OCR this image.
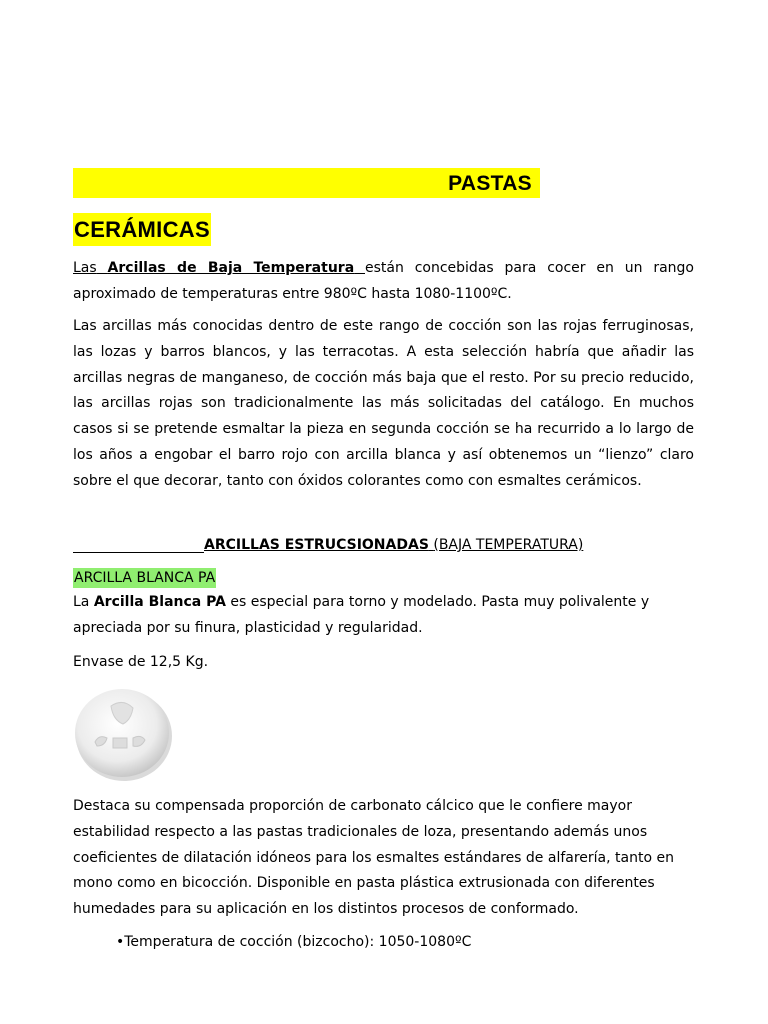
PASTAS
CERÁMICAS
Las Arcillas de Baja Temperatura están concebidas para cocer en un rango aproximado de temperaturas entre 980ºC hasta 1080-1100ºC.
Las arcillas más conocidas dentro de este rango de cocción son las rojas ferruginosas, las lozas y barros blancos, y las terracotas. A esta selección habría que añadir las arcillas negras de manganeso, de cocción más baja que el resto. Por su precio reducido, las arcillas rojas son tradicionalmente las más solicitadas del catálogo. En muchos casos si se pretende esmaltar la pieza en segunda cocción se ha recurrido a lo largo de los años a engobar el barro rojo con arcilla blanca y así obtenemos un “lienzo” claro sobre el que decorar, tanto con óxidos colorantes como con esmaltes cerámicos.
ARCILLAS ESTRUCSIONADAS (BAJA TEMPERATURA)
ARCILLA BLANCA PA
La Arcilla Blanca PA es especial para torno y modelado. Pasta muy polivalente y apreciada por su finura, plasticidad y regularidad.
Envase de 12,5 Kg.
Destaca su compensada proporción de carbonato cálcico que le confiere mayor estabilidad respecto a las pastas tradicionales de loza, presentando además unos coeficientes de dilatación idóneos para los esmaltes estándares de alfarería, tanto en mono como en bicocción. Disponible en pasta plástica extrusionada con diferentes humedades para su aplicación en los distintos procesos de conformado.
•Temperatura de cocción (bizcocho): 1050-1080ºC
